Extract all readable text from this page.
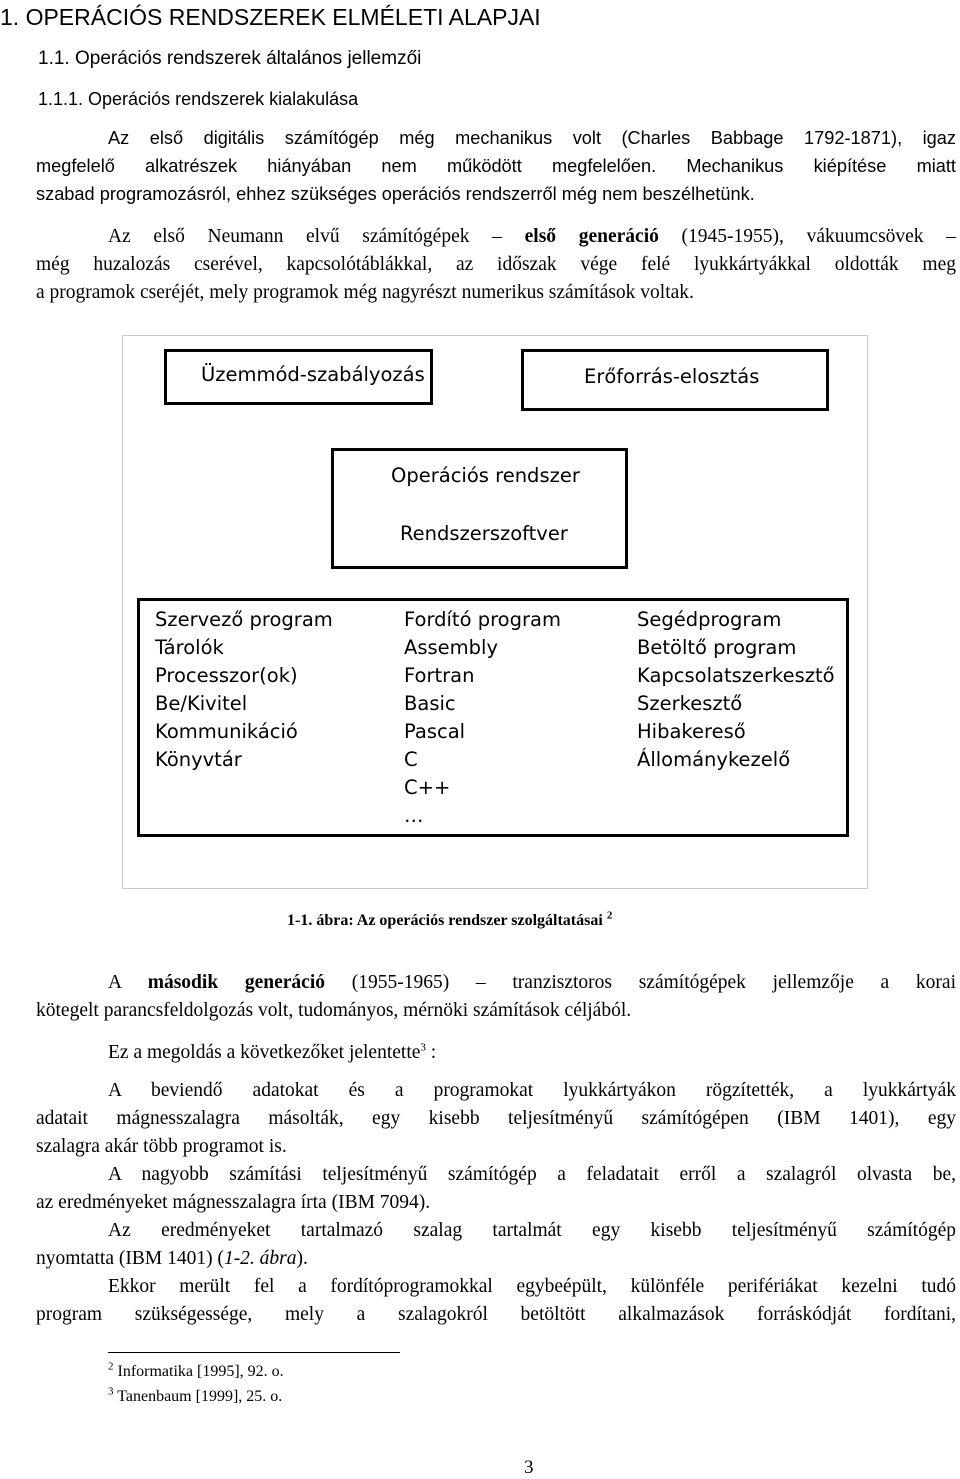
1. OPERÁCIÓS RENDSZEREK ELMÉLETI ALAPJAI
1.1. Operációs rendszerek általános jellemzői
1.1.1. Operációs rendszerek kialakulása
Az első digitális számítógép még mechanikus volt (Charles Babbage 1792-1871), igaz
megfelelő alkatrészek hiányában nem működött megfelelően. Mechanikus kiépítése miatt
szabad programozásról, ehhez szükséges operációs rendszerről még nem beszélhetünk.
Az első Neumann elvű számítógépek – első generáció (1945-1955), vákuumcsövek –
még huzalozás cserével, kapcsolótáblákkal, az időszak vége felé lyukkártyákkal oldották meg
a programok cseréjét, mely programok még nagyrészt numerikus számítások voltak.
Üzemmód-szabályozás	Erőforrás-elosztás
Operációs rendszer
Rendszerszoftver
Szervező program
Tárolók
Processzor(ok)
Be/Kivitel
Kommunikáció
Könyvtár
Fordító program
Assembly
Fortran
Basic
Pascal
C
C++
…
Segédprogram
Betöltő program
Kapcsolatszerkesztő
Szerkesztő
Hibakereső
Állománykezelő
1-1. ábra: Az operációs rendszer szolgáltatásai $^2$
A második generáció (1955-1965) – tranzisztoros számítógépek jellemzője a korai
kötegelt parancsfeldolgozás volt, tudományos, mérnöki számítások céljából.
Ez a megoldás a következőket jelentette$^3$ :
A beviendő adatokat és a programokat lyukkártyákon rögzítették, a lyukkártyák
adatait mágnesszalagra másolták, egy kisebb teljesítményű számítógépen (IBM 1401), egy
szalagra akár több programot is.
A nagyobb számítási teljesítményű számítógép a feladatait erről a szalagról olvasta be,
az eredményeket mágnesszalagra írta (IBM 7094).
Az eredményeket tartalmazó szalag tartalmát egy kisebb teljesítményű számítógép
nyomtatta (IBM 1401) (1-2. ábra).
Ekkor merült fel a fordítóprogramokkal egybeépült, különféle perifériákat kezelni tudó
program szükségessége, mely a szalagokról betöltött alkalmazások forráskódját fordítani,
$^2$ Informatika [1995], 92. o.
$^3$ Tanenbaum [1999], 25. o.
3
